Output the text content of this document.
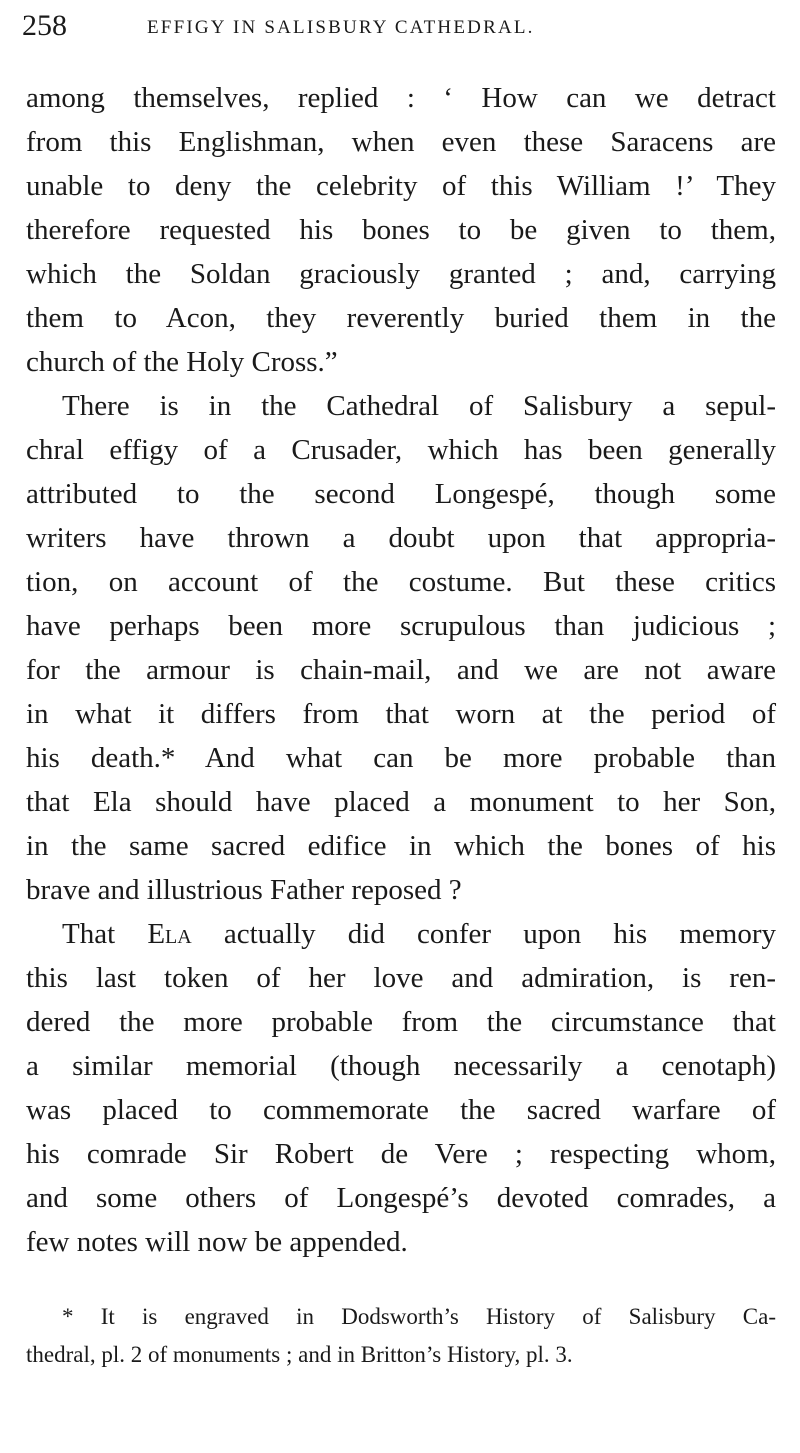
258	EFFIGY IN SALISBURY CATHEDRAL.
among themselves, replied : ‘ How can we detract
from this Englishman, when even these Saracens are
unable to deny the celebrity of this William !’ They
therefore requested his bones to be given to them,
which the Soldan graciously granted ; and, carrying
them to Acon, they reverently buried them in the
church of the Holy Cross.”
There is in the Cathedral of Salisbury a sepul-
chral effigy of a Crusader, which has been generally
attributed to the second Longespé, though some
writers have thrown a doubt upon that appropria-
tion, on account of the costume. But these critics
have perhaps been more scrupulous than judicious ;
for the armour is chain-mail, and we are not aware
in what it differs from that worn at the period of
his death.* And what can be more probable than
that Ela should have placed a monument to her Son,
in the same sacred edifice in which the bones of his
brave and illustrious Father reposed ?
That Ela actually did confer upon his memory
this last token of her love and admiration, is ren-
dered the more probable from the circumstance that
a similar memorial (though necessarily a cenotaph)
was placed to commemorate the sacred warfare of
his comrade Sir Robert de Vere ; respecting whom,
and some others of Longespé’s devoted comrades, a
few notes will now be appended.
* It is engraved in Dodsworth’s History of Salisbury Ca-
thedral, pl. 2 of monuments ; and in Britton’s History, pl. 3.
